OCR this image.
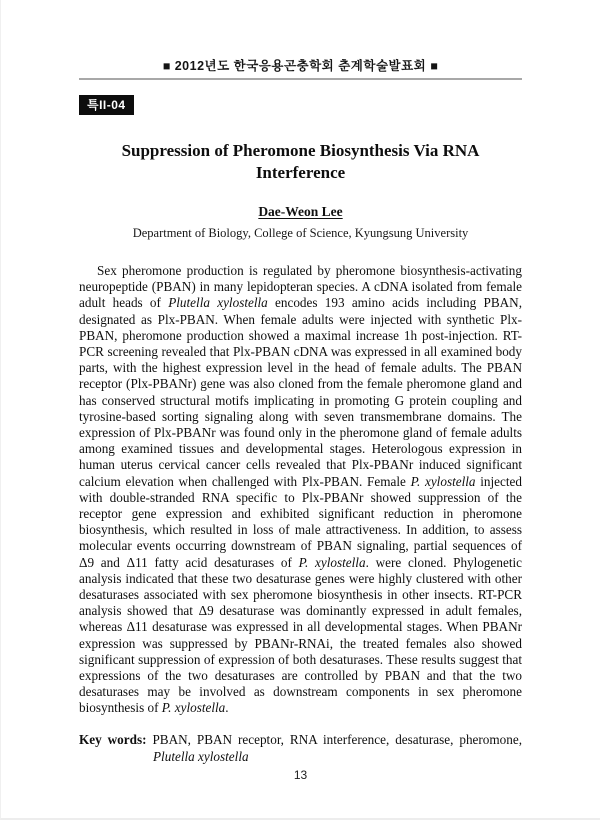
■ 2012년도 한국응용곤충학회 춘계학술발표회 ■
특II-04
Suppression of Pheromone Biosynthesis Via RNA Interference
Dae-Weon Lee
Department of Biology, College of Science, Kyungsung University

Sex pheromone production is regulated by pheromone biosynthesis-activating neuropeptide (PBAN) in many lepidopteran species. A cDNA isolated from female adult heads of Plutella xylostella encodes 193 amino acids including PBAN, designated as Plx-PBAN. When female adults were injected with synthetic Plx-PBAN, pheromone production showed a maximal increase 1h post-injection. RT-PCR screening revealed that Plx-PBAN cDNA was expressed in all examined body parts, with the highest expression level in the head of female adults. The PBAN receptor (Plx-PBANr) gene was also cloned from the female pheromone gland and has conserved structural motifs implicating in promoting G protein coupling and tyrosine-based sorting signaling along with seven transmembrane domains. The expression of Plx-PBANr was found only in the pheromone gland of female adults among examined tissues and developmental stages. Heterologous expression in human uterus cervical cancer cells revealed that Plx-PBANr induced significant calcium elevation when challenged with Plx-PBAN. Female P. xylostella injected with double-stranded RNA specific to Plx-PBANr showed suppression of the receptor gene expression and exhibited significant reduction in pheromone biosynthesis, which resulted in loss of male attractiveness. In addition, to assess molecular events occurring downstream of PBAN signaling, partial sequences of Δ9 and Δ11 fatty acid desaturases of P. xylostella. were cloned. Phylogenetic analysis indicated that these two desaturase genes were highly clustered with other desaturases associated with sex pheromone biosynthesis in other insects. RT-PCR analysis showed that Δ9 desaturase was dominantly expressed in adult females, whereas Δ11 desaturase was expressed in all developmental stages. When PBANr expression was suppressed by PBANr-RNAi, the treated females also showed significant suppression of expression of both desaturases. These results suggest that expressions of the two desaturases are controlled by PBAN and that the two desaturases may be involved as downstream components in sex pheromone biosynthesis of P. xylostella.

Key words: PBAN, PBAN receptor, RNA interference, desaturase, pheromone, Plutella xylostella

13
